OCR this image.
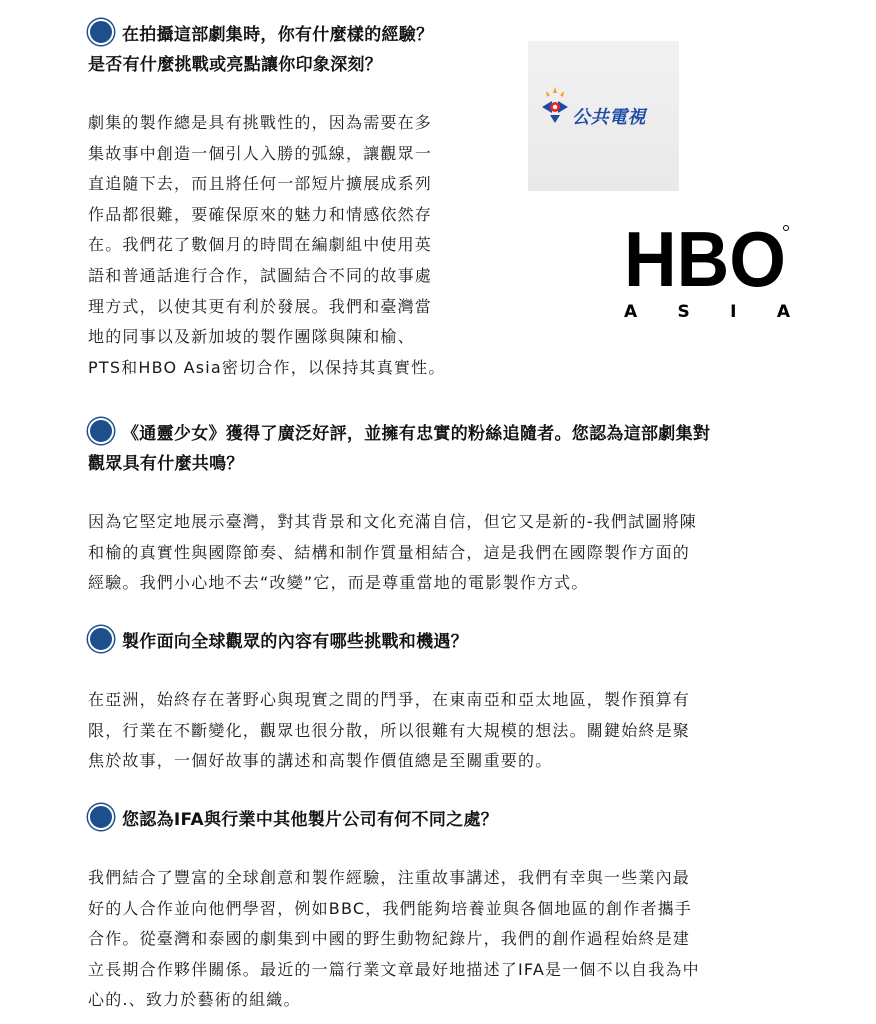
在拍攝這部劇集時，你有什麼樣的經驗？
是否有什麼挑戰或亮點讓你印象深刻？
劇集的製作總是具有挑戰性的，因為需要在多
集故事中創造一個引人入勝的弧線，讓觀眾一
直追隨下去，而且將任何一部短片擴展成系列
作品都很難，要確保原來的魅力和情感依然存
在。我們花了數個月的時間在編劇組中使用英
語和普通話進行合作，試圖結合不同的故事處
理方式，以使其更有利於發展。我們和臺灣當
地的同事以及新加坡的製作團隊與陳和榆、
PTS和HBO Asia密切合作，以保持其真實性。
公共電視
HBO
A S I A
《通靈少女》獲得了廣泛好評，並擁有忠實的粉絲追隨者。您認為這部劇集對
觀眾具有什麼共鳴？
因為它堅定地展示臺灣，對其背景和文化充滿自信，但它又是新的-我們試圖將陳
和榆的真實性與國際節奏、結構和制作質量相結合，這是我們在國際製作方面的
經驗。我們小心地不去“改變”它，而是尊重當地的電影製作方式。
製作面向全球觀眾的內容有哪些挑戰和機遇？
在亞洲，始終存在著野心與現實之間的鬥爭，在東南亞和亞太地區，製作預算有
限，行業在不斷變化，觀眾也很分散，所以很難有大規模的想法。關鍵始終是聚
焦於故事，一個好故事的講述和高製作價值總是至關重要的。
您認為IFA與行業中其他製片公司有何不同之處？
我們結合了豐富的全球創意和製作經驗，注重故事講述，我們有幸與一些業內最
好的人合作並向他們學習，例如BBC，我們能夠培養並與各個地區的創作者攜手
合作。從臺灣和泰國的劇集到中國的野生動物紀錄片，我們的創作過程始終是建
立長期合作夥伴關係。最近的一篇行業文章最好地描述了IFA是一個不以自我為中
心的.、致力於藝術的組織。
